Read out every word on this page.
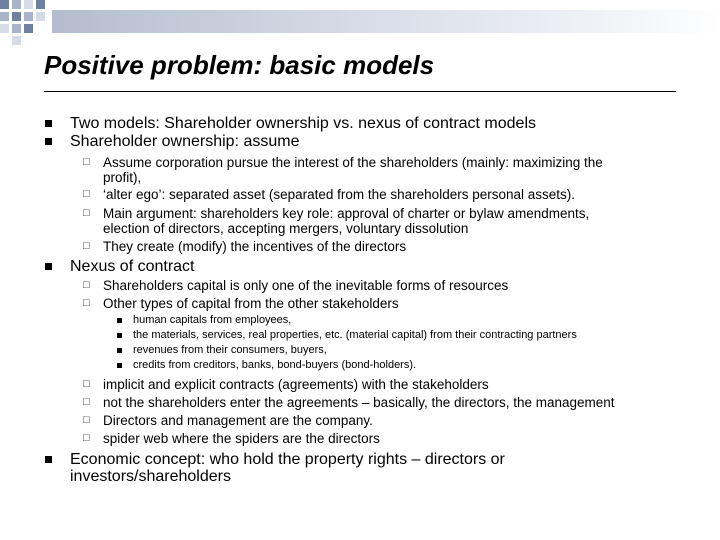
Positive problem: basic models
Two models: Shareholder ownership vs. nexus of contract models
Shareholder ownership: assume
□ Assume corporation pursue the interest of the shareholders (mainly: maximizing the
profit),
□ ‘alter ego’: separated asset (separated from the shareholders personal assets).
□ Main argument: shareholders key role: approval of charter or bylaw amendments,
election of directors, accepting mergers, voluntary dissolution
□ They create (modify) the incentives of the directors
Nexus of contract
□ Shareholders capital is only one of the inevitable forms of resources
□ Other types of capital from the other stakeholders
human capitals from employees,
the materials, services, real properties, etc. (material capital) from their contracting partners
revenues from their consumers, buyers,
credits from creditors, banks, bond-buyers (bond-holders).
□ implicit and explicit contracts (agreements) with the stakeholders
□ not the shareholders enter the agreements – basically, the directors, the management
□ Directors and management are the company.
□ spider web where the spiders are the directors
Economic concept: who hold the property rights – directors or
investors/shareholders
